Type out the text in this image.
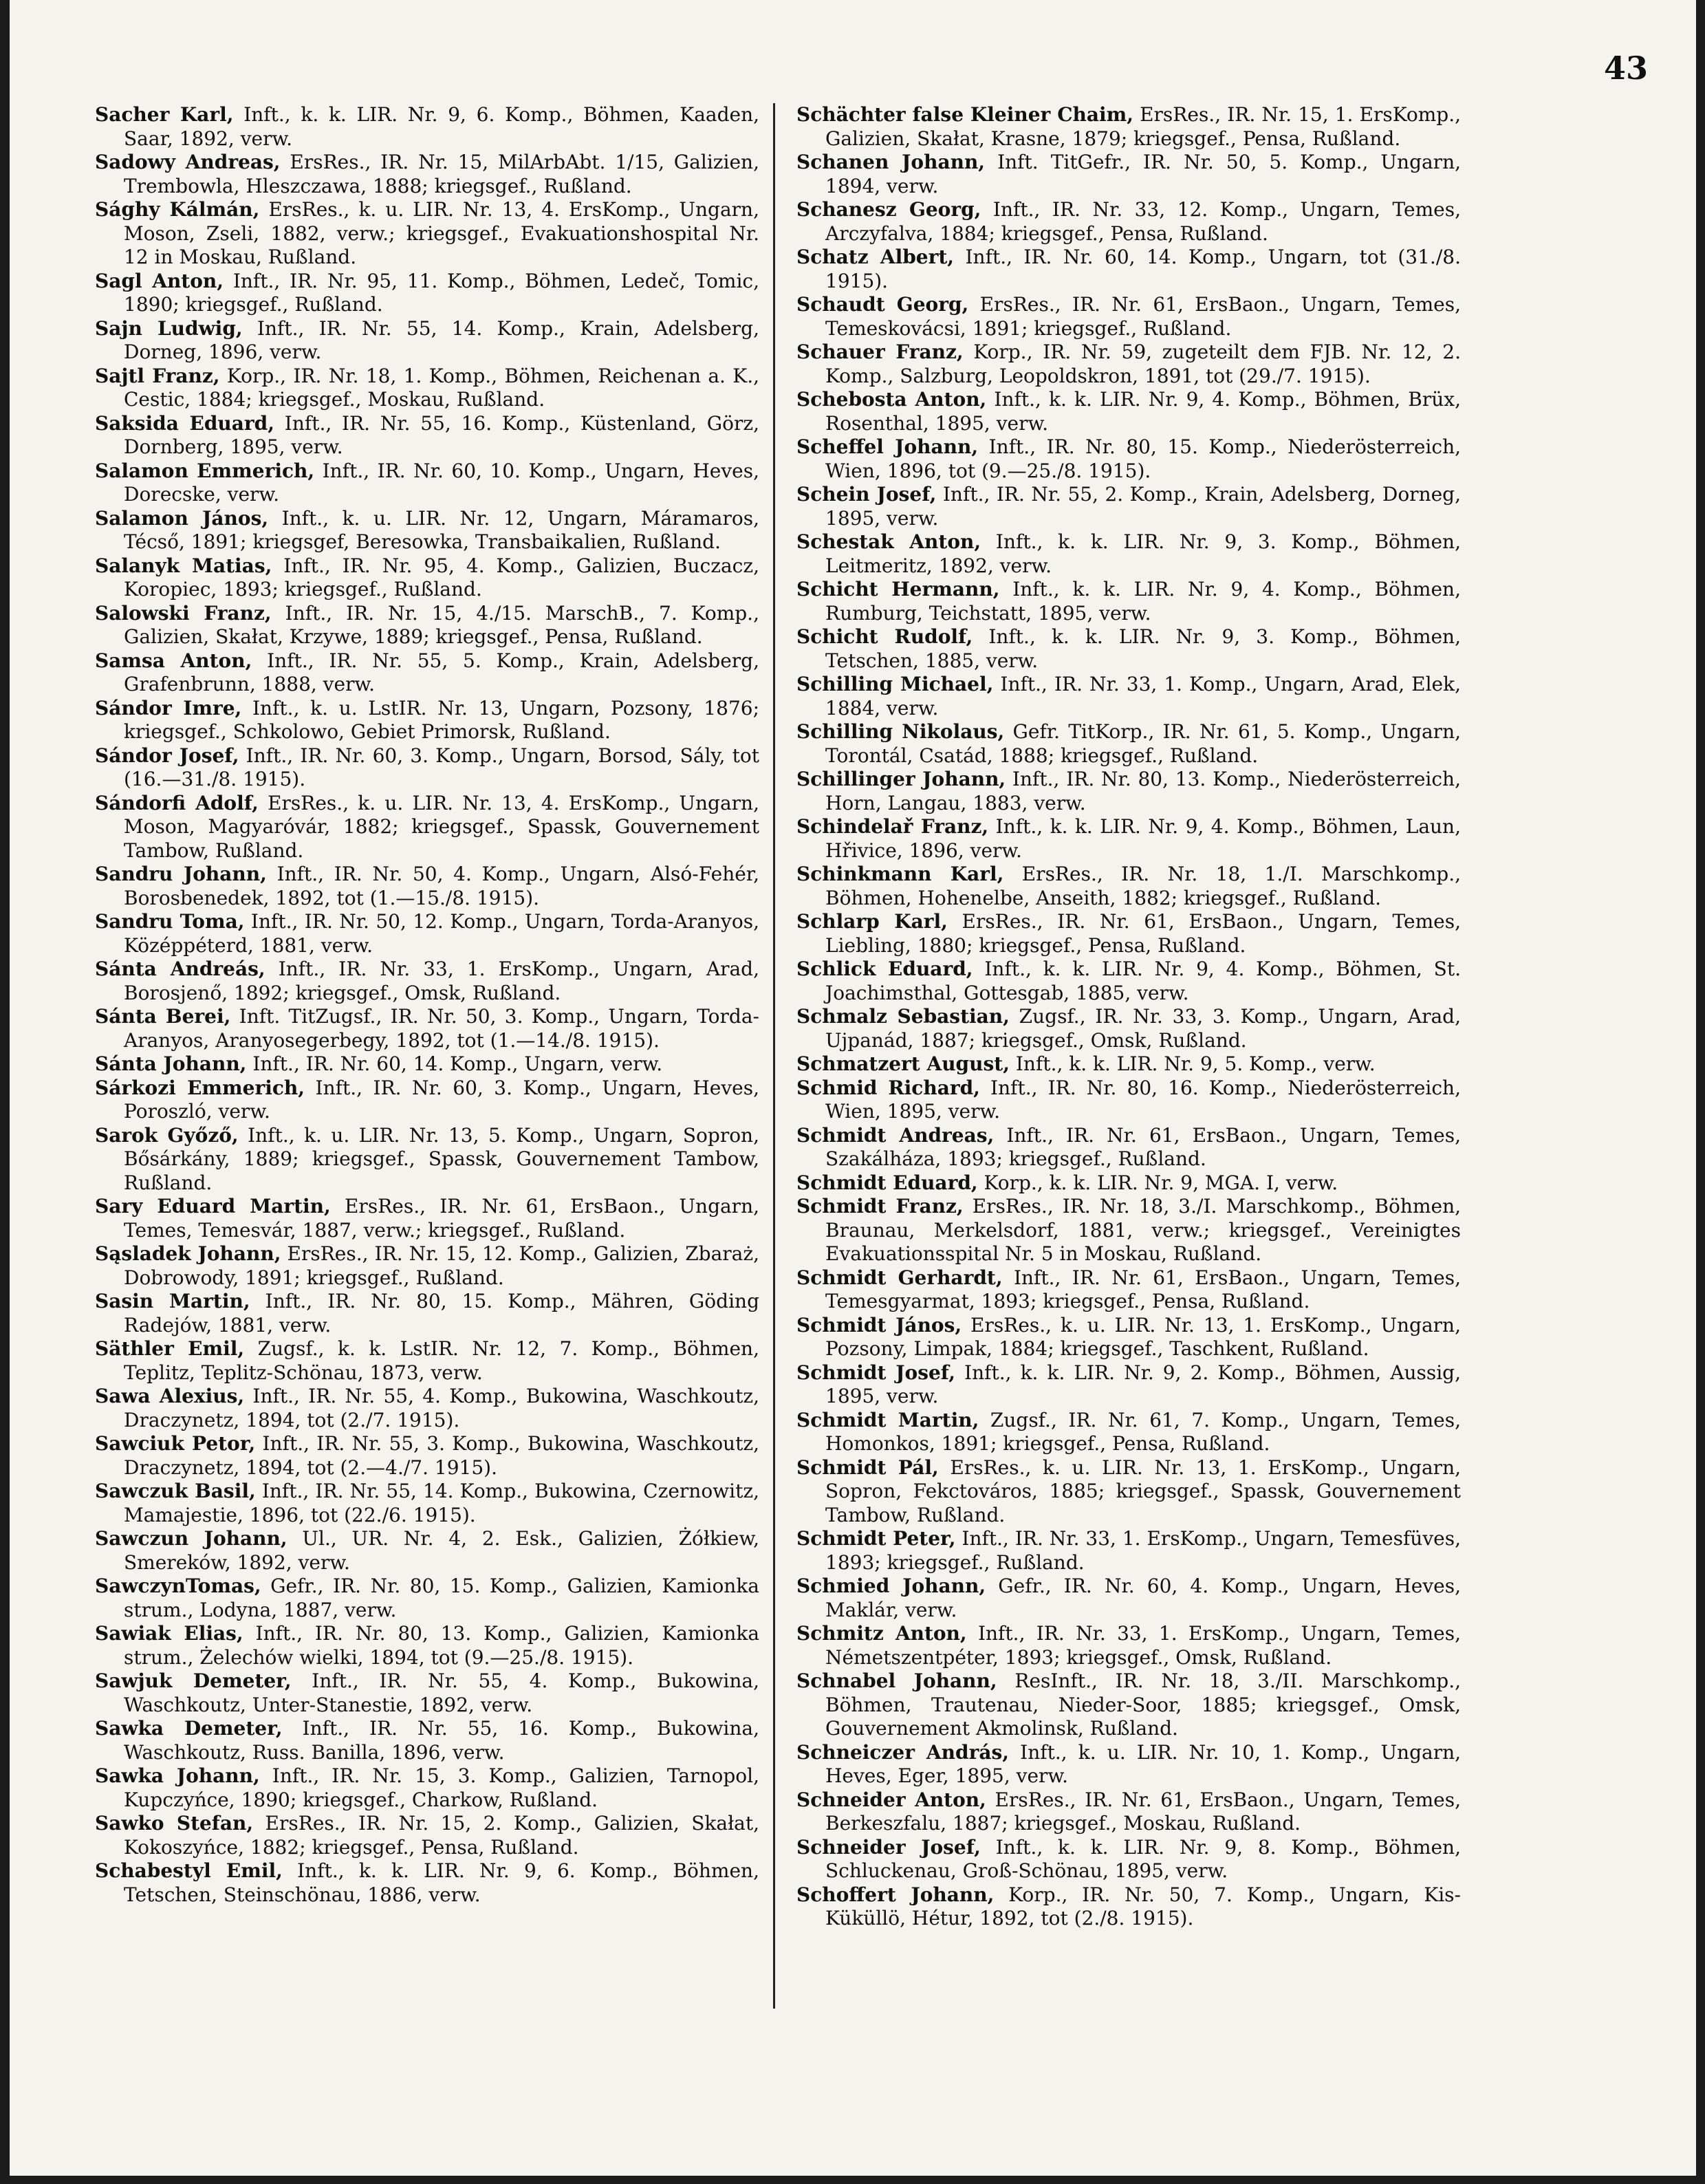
43
Sacher Karl, Inft., k. k. LIR. Nr. 9, 6. Komp., Böhmen, Kaaden, Saar, 1892, verw.
Sadowy Andreas, ErsRes., IR. Nr. 15, MilArbAbt. 1/15, Galizien, Trembowla, Hleszczawa, 1888; kriegsgef., Rußland.
Sághy Kálmán, ErsRes., k. u. LIR. Nr. 13, 4. ErsKomp., Ungarn, Moson, Zseli, 1882, verw.; kriegsgef., Evakuationshospital Nr. 12 in Moskau, Rußland.
Sagl Anton, Inft., IR. Nr. 95, 11. Komp., Böhmen, Ledeč, Tomic, 1890; kriegsgef., Rußland.
Sajn Ludwig, Inft., IR. Nr. 55, 14. Komp., Krain, Adelsberg, Dorneg, 1896, verw.
Sajtl Franz, Korp., IR. Nr. 18, 1. Komp., Böhmen, Reichenan a. K., Cestic, 1884; kriegsgef., Moskau, Rußland.
Saksida Eduard, Inft., IR. Nr. 55, 16. Komp., Küstenland, Görz, Dornberg, 1895, verw.
Salamon Emmerich, Inft., IR. Nr. 60, 10. Komp., Ungarn, Heves, Dorecske, verw.
Salamon János, Inft., k. u. LIR. Nr. 12, Ungarn, Máramaros, Técső, 1891; kriegsgef, Beresowka, Transbaikalien, Rußland.
Salanyk Matias, Inft., IR. Nr. 95, 4. Komp., Galizien, Buczacz, Koropiec, 1893; kriegsgef., Rußland.
Salowski Franz, Inft., IR. Nr. 15, 4./15. MarschB., 7. Komp., Galizien, Skałat, Krzywe, 1889; kriegsgef., Pensa, Rußland.
Samsa Anton, Inft., IR. Nr. 55, 5. Komp., Krain, Adelsberg, Grafenbrunn, 1888, verw.
Sándor Imre, Inft., k. u. LstIR. Nr. 13, Ungarn, Pozsony, 1876; kriegsgef., Schkolowo, Gebiet Primorsk, Rußland.
Sándor Josef, Inft., IR. Nr. 60, 3. Komp., Ungarn, Borsod, Sály, tot (16.—31./8. 1915).
Sándorfi Adolf, ErsRes., k. u. LIR. Nr. 13, 4. ErsKomp., Ungarn, Moson, Magyaróvár, 1882; kriegsgef., Spassk, Gouvernement Tambow, Rußland.
Sandru Johann, Inft., IR. Nr. 50, 4. Komp., Ungarn, Alsó-Fehér, Borosbenedek, 1892, tot (1.—15./8. 1915).
Sandru Toma, Inft., IR. Nr. 50, 12. Komp., Ungarn, Torda-Aranyos, Középpéterd, 1881, verw.
Sánta Andreás, Inft., IR. Nr. 33, 1. ErsKomp., Ungarn, Arad, Borosjenő, 1892; kriegsgef., Omsk, Rußland.
Sánta Berei, Inft. TitZugsf., IR. Nr. 50, 3. Komp., Ungarn, Torda-Aranyos, Aranyosegerbegy, 1892, tot (1.—14./8. 1915).
Sánta Johann, Inft., IR. Nr. 60, 14. Komp., Ungarn, verw.
Sárkozi Emmerich, Inft., IR. Nr. 60, 3. Komp., Ungarn, Heves, Poroszló, verw.
Sarok Győző, Inft., k. u. LIR. Nr. 13, 5. Komp., Ungarn, Sopron, Bősárkány, 1889; kriegsgef., Spassk, Gouvernement Tambow, Rußland.
Sary Eduard Martin, ErsRes., IR. Nr. 61, ErsBaon., Ungarn, Temes, Temesvár, 1887, verw.; kriegsgef., Rußland.
Sąsladek Johann, ErsRes., IR. Nr. 15, 12. Komp., Galizien, Zbaraż, Dobrowody, 1891; kriegsgef., Rußland.
Sasin Martin, Inft., IR. Nr. 80, 15. Komp., Mähren, Göding Radejów, 1881, verw.
Säthler Emil, Zugsf., k. k. LstIR. Nr. 12, 7. Komp., Böhmen, Teplitz, Teplitz-Schönau, 1873, verw.
Sawa Alexius, Inft., IR. Nr. 55, 4. Komp., Bukowina, Waschkoutz, Draczynetz, 1894, tot (2./7. 1915).
Sawciuk Petor, Inft., IR. Nr. 55, 3. Komp., Bukowina, Waschkoutz, Draczynetz, 1894, tot (2.—4./7. 1915).
Sawczuk Basil, Inft., IR. Nr. 55, 14. Komp., Bukowina, Czernowitz, Mamajestie, 1896, tot (22./6. 1915).
Sawczun Johann, Ul., UR. Nr. 4, 2. Esk., Galizien, Żółkiew, Smereków, 1892, verw.
SawczynTomas, Gefr., IR. Nr. 80, 15. Komp., Galizien, Kamionka strum., Lodyna, 1887, verw.
Sawiak Elias, Inft., IR. Nr. 80, 13. Komp., Galizien, Kamionka strum., Żelechów wielki, 1894, tot (9.—25./8. 1915).
Sawjuk Demeter, Inft., IR. Nr. 55, 4. Komp., Bukowina, Waschkoutz, Unter-Stanestie, 1892, verw.
Sawka Demeter, Inft., IR. Nr. 55, 16. Komp., Bukowina, Waschkoutz, Russ. Banilla, 1896, verw.
Sawka Johann, Inft., IR. Nr. 15, 3. Komp., Galizien, Tarnopol, Kupczyńce, 1890; kriegsgef., Charkow, Rußland.
Sawko Stefan, ErsRes., IR. Nr. 15, 2. Komp., Galizien, Skałat, Kokoszyńce, 1882; kriegsgef., Pensa, Rußland.
Schabestyl Emil, Inft., k. k. LIR. Nr. 9, 6. Komp., Böhmen, Tetschen, Steinschönau, 1886, verw.
Schächter false Kleiner Chaim, ErsRes., IR. Nr. 15, 1. ErsKomp., Galizien, Skałat, Krasne, 1879; kriegsgef., Pensa, Rußland.
Schanen Johann, Inft. TitGefr., IR. Nr. 50, 5. Komp., Ungarn, 1894, verw.
Schanesz Georg, Inft., IR. Nr. 33, 12. Komp., Ungarn, Temes, Arczyfalva, 1884; kriegsgef., Pensa, Rußland.
Schatz Albert, Inft., IR. Nr. 60, 14. Komp., Ungarn, tot (31./8. 1915).
Schaudt Georg, ErsRes., IR. Nr. 61, ErsBaon., Ungarn, Temes, Temeskovácsi, 1891; kriegsgef., Rußland.
Schauer Franz, Korp., IR. Nr. 59, zugeteilt dem FJB. Nr. 12, 2. Komp., Salzburg, Leopoldskron, 1891, tot (29./7. 1915).
Schebosta Anton, Inft., k. k. LIR. Nr. 9, 4. Komp., Böhmen, Brüx, Rosenthal, 1895, verw.
Scheffel Johann, Inft., IR. Nr. 80, 15. Komp., Niederösterreich, Wien, 1896, tot (9.—25./8. 1915).
Schein Josef, Inft., IR. Nr. 55, 2. Komp., Krain, Adelsberg, Dorneg, 1895, verw.
Schestak Anton, Inft., k. k. LIR. Nr. 9, 3. Komp., Böhmen, Leitmeritz, 1892, verw.
Schicht Hermann, Inft., k. k. LIR. Nr. 9, 4. Komp., Böhmen, Rumburg, Teichstatt, 1895, verw.
Schicht Rudolf, Inft., k. k. LIR. Nr. 9, 3. Komp., Böhmen, Tetschen, 1885, verw.
Schilling Michael, Inft., IR. Nr. 33, 1. Komp., Ungarn, Arad, Elek, 1884, verw.
Schilling Nikolaus, Gefr. TitKorp., IR. Nr. 61, 5. Komp., Ungarn, Torontál, Csatád, 1888; kriegsgef., Rußland.
Schillinger Johann, Inft., IR. Nr. 80, 13. Komp., Niederösterreich, Horn, Langau, 1883, verw.
Schindelař Franz, Inft., k. k. LIR. Nr. 9, 4. Komp., Böhmen, Laun, Hřivice, 1896, verw.
Schinkmann Karl, ErsRes., IR. Nr. 18, 1./I. Marschkomp., Böhmen, Hohenelbe, Anseith, 1882; kriegsgef., Rußland.
Schlarp Karl, ErsRes., IR. Nr. 61, ErsBaon., Ungarn, Temes, Liebling, 1880; kriegsgef., Pensa, Rußland.
Schlick Eduard, Inft., k. k. LIR. Nr. 9, 4. Komp., Böhmen, St. Joachimsthal, Gottesgab, 1885, verw.
Schmalz Sebastian, Zugsf., IR. Nr. 33, 3. Komp., Ungarn, Arad, Ujpanád, 1887; kriegsgef., Omsk, Rußland.
Schmatzert August, Inft., k. k. LIR. Nr. 9, 5. Komp., verw.
Schmid Richard, Inft., IR. Nr. 80, 16. Komp., Niederösterreich, Wien, 1895, verw.
Schmidt Andreas, Inft., IR. Nr. 61, ErsBaon., Ungarn, Temes, Szakálháza, 1893; kriegsgef., Rußland.
Schmidt Eduard, Korp., k. k. LIR. Nr. 9, MGA. I, verw.
Schmidt Franz, ErsRes., IR. Nr. 18, 3./I. Marschkomp., Böhmen, Braunau, Merkelsdorf, 1881, verw.; kriegsgef., Vereinigtes Evakuationsspital Nr. 5 in Moskau, Rußland.
Schmidt Gerhardt, Inft., IR. Nr. 61, ErsBaon., Ungarn, Temes, Temesgyarmat, 1893; kriegsgef., Pensa, Rußland.
Schmidt János, ErsRes., k. u. LIR. Nr. 13, 1. ErsKomp., Ungarn, Pozsony, Limpak, 1884; kriegsgef., Taschkent, Rußland.
Schmidt Josef, Inft., k. k. LIR. Nr. 9, 2. Komp., Böhmen, Aussig, 1895, verw.
Schmidt Martin, Zugsf., IR. Nr. 61, 7. Komp., Ungarn, Temes, Homonkos, 1891; kriegsgef., Pensa, Rußland.
Schmidt Pál, ErsRes., k. u. LIR. Nr. 13, 1. ErsKomp., Ungarn, Sopron, Fekctováros, 1885; kriegsgef., Spassk, Gouvernement Tambow, Rußland.
Schmidt Peter, Inft., IR. Nr. 33, 1. ErsKomp., Ungarn, Temesfüves, 1893; kriegsgef., Rußland.
Schmied Johann, Gefr., IR. Nr. 60, 4. Komp., Ungarn, Heves, Maklár, verw.
Schmitz Anton, Inft., IR. Nr. 33, 1. ErsKomp., Ungarn, Temes, Németszentpéter, 1893; kriegsgef., Omsk, Rußland.
Schnabel Johann, ResInft., IR. Nr. 18, 3./II. Marschkomp., Böhmen, Trautenau, Nieder-Soor, 1885; kriegsgef., Omsk, Gouvernement Akmolinsk, Rußland.
Schneiczer András, Inft., k. u. LIR. Nr. 10, 1. Komp., Ungarn, Heves, Eger, 1895, verw.
Schneider Anton, ErsRes., IR. Nr. 61, ErsBaon., Ungarn, Temes, Berkeszfalu, 1887; kriegsgef., Moskau, Rußland.
Schneider Josef, Inft., k. k. LIR. Nr. 9, 8. Komp., Böhmen, Schluckenau, Groß-Schönau, 1895, verw.
Schoffert Johann, Korp., IR. Nr. 50, 7. Komp., Ungarn, Kis-Küküllö, Hétur, 1892, tot (2./8. 1915).
